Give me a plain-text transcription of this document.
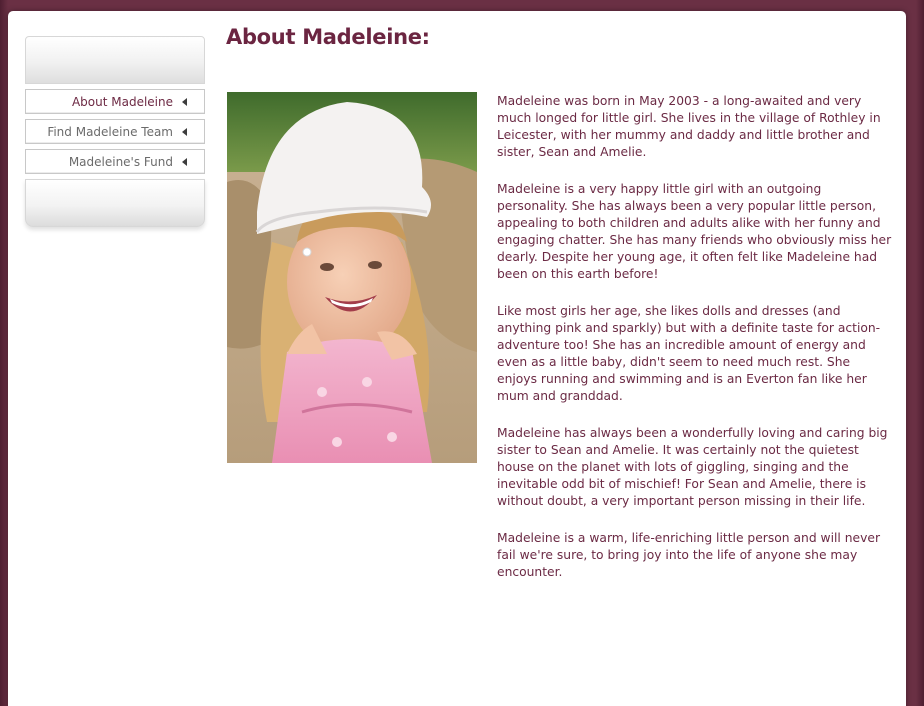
About Madeleine
Find Madeleine Team
Madeleine's Fund
About Madeleine:

Madeleine was born in May 2003 - a long-awaited and very much longed for little girl. She lives in the village of Rothley in Leicester, with her mummy and daddy and little brother and sister, Sean and Amelie.

Madeleine is a very happy little girl with an outgoing personality. She has always been a very popular little person, appealing to both children and adults alike with her funny and engaging chatter. She has many friends who obviously miss her dearly. Despite her young age, it often felt like Madeleine had been on this earth before!

Like most girls her age, she likes dolls and dresses (and anything pink and sparkly) but with a definite taste for action-adventure too! She has an incredible amount of energy and even as a little baby, didn't seem to need much rest. She enjoys running and swimming and is an Everton fan like her mum and granddad.

Madeleine has always been a wonderfully loving and caring big sister to Sean and Amelie. It was certainly not the quietest house on the planet with lots of giggling, singing and the inevitable odd bit of mischief! For Sean and Amelie, there is without doubt, a very important person missing in their life.

Madeleine is a warm, life-enriching little person and will never fail we're sure, to bring joy into the life of anyone she may encounter.
